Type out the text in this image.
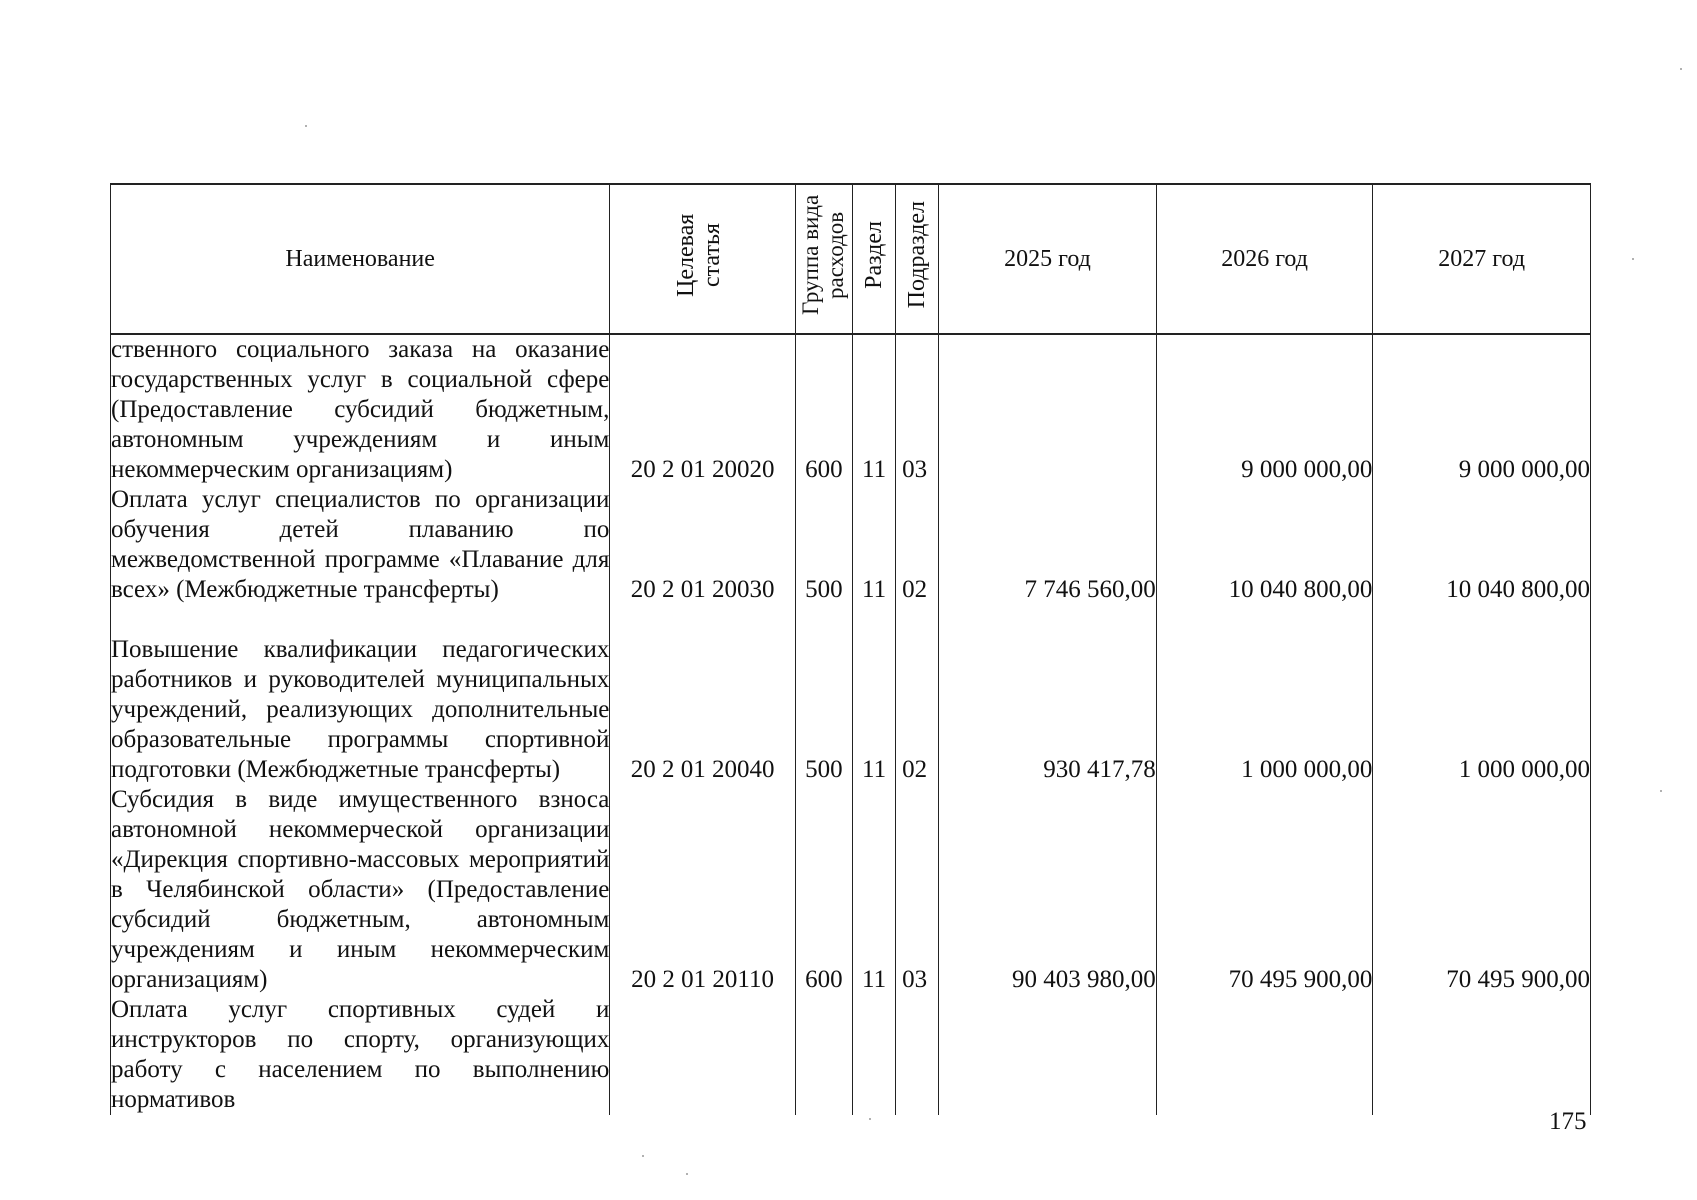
Наименование	Целевая статья	Группа вида расходов	Раздел	Подраздел	2025 год	2026 год	2027 год
ственного социального заказа на оказание государственных услуг в социальной сфере (Предоставление субсидий бюджетным, автономным учреждениям и иным некоммерческим организациям)	20 2 01 20020	600	11	03		9 000 000,00	9 000 000,00
Оплата услуг специалистов по организации обучения детей плаванию по межведомственной программе «Плавание для всех» (Межбюджетные трансферты)	20 2 01 20030	500	11	02	7 746 560,00	10 040 800,00	10 040 800,00
Повышение квалификации педагогических работников и руководителей муниципальных учреждений, реализующих дополнительные образовательные программы спортивной подготовки (Межбюджетные трансферты)	20 2 01 20040	500	11	02	930 417,78	1 000 000,00	1 000 000,00
Субсидия в виде имущественного взноса автономной некоммерческой организации «Дирекция спортивно-массовых мероприятий в Челябинской области» (Предоставление субсидий бюджетным, автономным учреждениям и иным некоммерческим организациям)	20 2 01 20110	600	11	03	90 403 980,00	70 495 900,00	70 495 900,00
Оплата услуг спортивных судей и инструкторов по спорту, организующих работу с населением по выполнению нормативов							
175
